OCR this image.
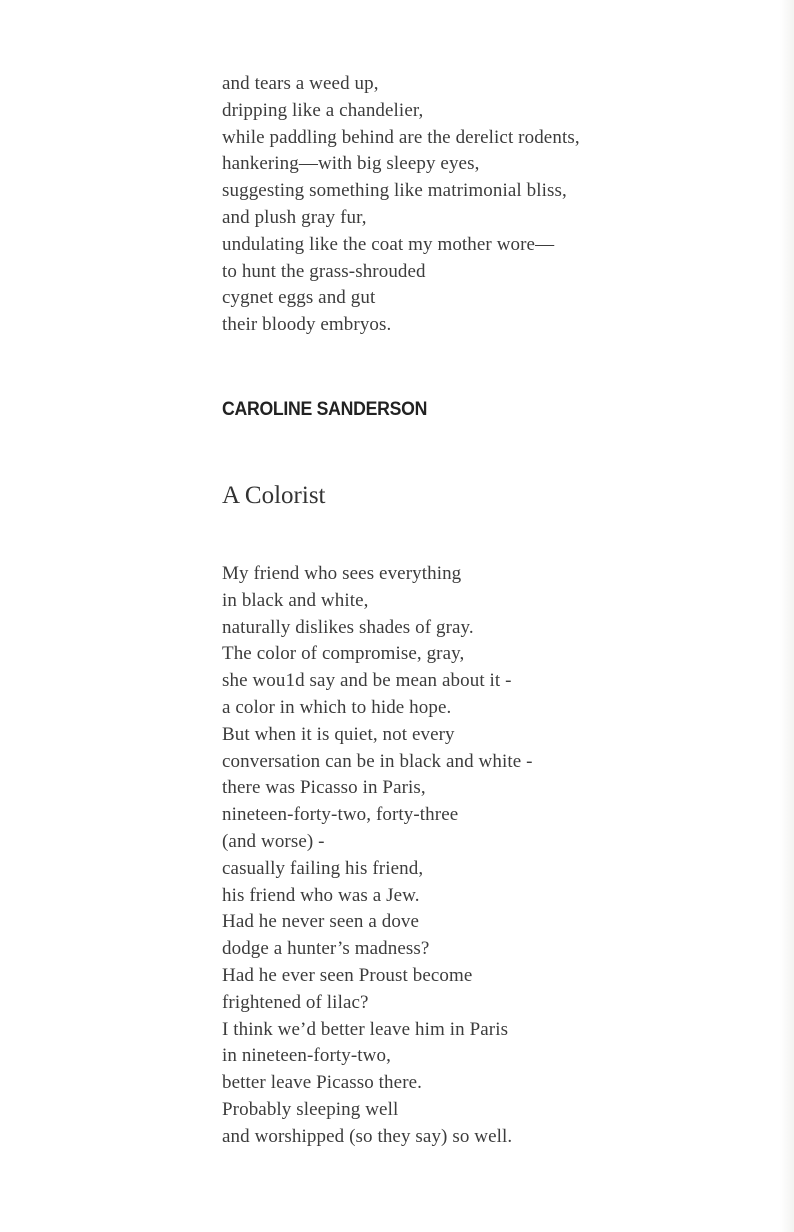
and tears a weed up,
dripping like a chandelier,
while paddling behind are the derelict rodents,
hankering—with big sleepy eyes,
suggesting something like matrimonial bliss,
and plush gray fur,
undulating like the coat my mother wore—
to hunt the grass-shrouded
cygnet eggs and gut
their bloody embryos.
CAROLINE SANDERSON
A Colorist
My friend who sees everything
in black and white,
naturally dislikes shades of gray.
The color of compromise, gray,
she wou1d say and be mean about it -
a color in which to hide hope.
But when it is quiet, not every
conversation can be in black and white -
there was Picasso in Paris,
nineteen-forty-two, forty-three
(and worse) -
casually failing his friend,
his friend who was a Jew.
Had he never seen a dove
dodge a hunter’s madness?
Had he ever seen Proust become
frightened of lilac?
I think we’d better leave him in Paris
in nineteen-forty-two,
better leave Picasso there.
Probably sleeping well
and worshipped (so they say) so well.
